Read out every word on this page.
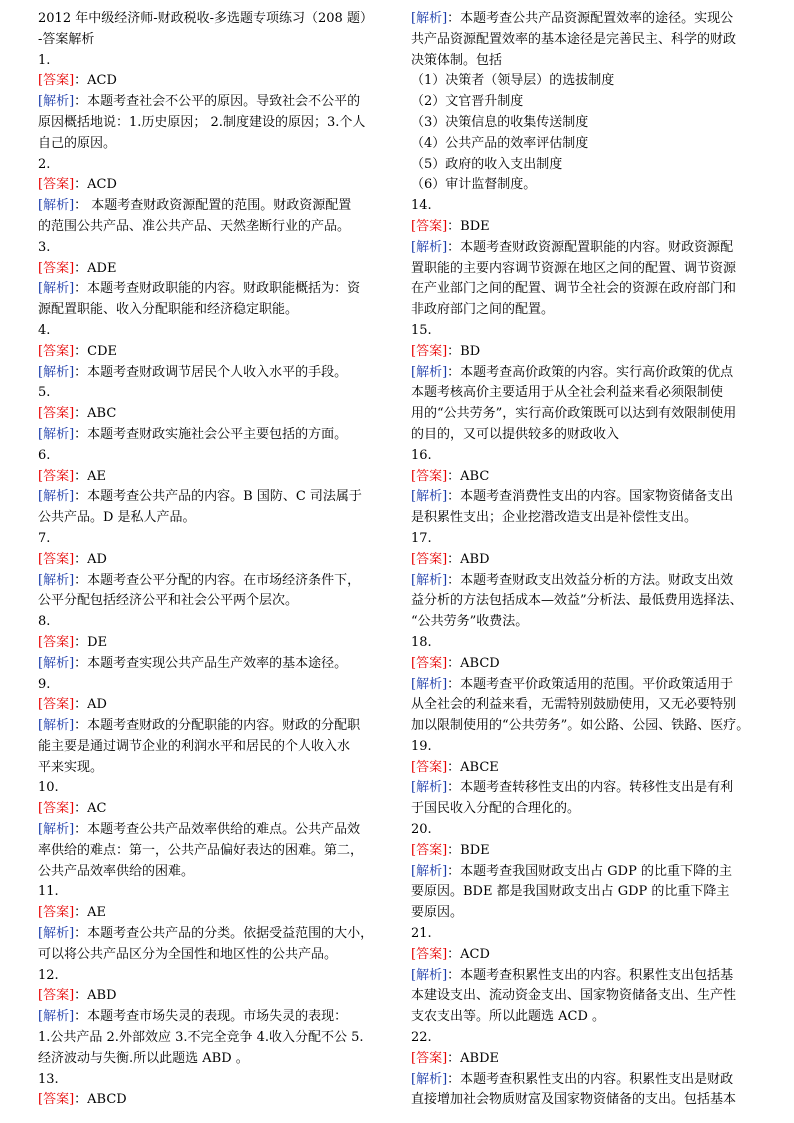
2012 年中级经济师-财政税收-多选题专项练习（208 题）
-答案解析
1.
[答案]：ACD
[解析]：本题考查社会不公平的原因。导致社会不公平的
原因概括地说：1.历史原因； 2.制度建设的原因；3.个人
自己的原因。
2.
[答案]：ACD
[解析]： 本题考查财政资源配置的范围。财政资源配置
的范围公共产品、准公共产品、天然垄断行业的产品。
3.
[答案]：ADE
[解析]：本题考查财政职能的内容。财政职能概括为：资
源配置职能、收入分配职能和经济稳定职能。
4.
[答案]：CDE
[解析]：本题考查财政调节居民个人收入水平的手段。
5.
[答案]：ABC
[解析]：本题考查财政实施社会公平主要包括的方面。
6.
[答案]：AE
[解析]：本题考查公共产品的内容。B 国防、C 司法属于
公共产品。D 是私人产品。
7.
[答案]：AD
[解析]：本题考查公平分配的内容。在市场经济条件下，
公平分配包括经济公平和社会公平两个层次。
8.
[答案]：DE
[解析]：本题考查实现公共产品生产效率的基本途径。
9.
[答案]：AD
[解析]：本题考查财政的分配职能的内容。财政的分配职
能主要是通过调节企业的利润水平和居民的个人收入水
平来实现。
10.
[答案]：AC
[解析]：本题考查公共产品效率供给的难点。公共产品效
率供给的难点：第一，公共产品偏好表达的困难。第二，
公共产品效率供给的困难。
11.
[答案]：AE
[解析]：本题考查公共产品的分类。依据受益范围的大小，
可以将公共产品区分为全国性和地区性的公共产品。
12.
[答案]：ABD
[解析]：本题考查市场失灵的表现。市场失灵的表现：
1.公共产品 2.外部效应 3.不完全竞争 4.收入分配不公 5.
经济波动与失衡.所以此题选 ABD 。
13.
[答案]：ABCD
[解析]：本题考查公共产品资源配置效率的途径。实现公
共产品资源配置效率的基本途径是完善民主、科学的财政
决策体制。包括
（1）决策者（领导层）的选拔制度
（2）文官晋升制度
（3）决策信息的收集传送制度
（4）公共产品的效率评估制度
（5）政府的收入支出制度
（6）审计监督制度。
14.
[答案]：BDE
[解析]：本题考查财政资源配置职能的内容。财政资源配
置职能的主要内容调节资源在地区之间的配置、调节资源
在产业部门之间的配置、调节全社会的资源在政府部门和
非政府部门之间的配置。
15.
[答案]：BD
[解析]：本题考查高价政策的内容。实行高价政策的优点
本题考核高价主要适用于从全社会利益来看必须限制使
用的“公共劳务”，实行高价政策既可以达到有效限制使用
的目的，又可以提供较多的财政收入
16.
[答案]：ABC
[解析]：本题考查消费性支出的内容。国家物资储备支出
是积累性支出；企业挖潜改造支出是补偿性支出。
17.
[答案]：ABD
[解析]：本题考查财政支出效益分析的方法。财政支出效
益分析的方法包括成本—效益”分析法、最低费用选择法、
“公共劳务”收费法。
18.
[答案]：ABCD
[解析]：本题考查平价政策适用的范围。平价政策适用于
从全社会的利益来看，无需特别鼓励使用，又无必要特别
加以限制使用的“公共劳务”。如公路、公园、铁路、医疗。
19.
[答案]：ABCE
[解析]：本题考查转移性支出的内容。转移性支出是有利
于国民收入分配的合理化的。
20.
[答案]：BDE
[解析]：本题考查我国财政支出占 GDP 的比重下降的主
要原因。BDE 都是我国财政支出占 GDP 的比重下降主
要原因。
21.
[答案]：ACD
[解析]：本题考查积累性支出的内容。积累性支出包括基
本建设支出、流动资金支出、国家物资储备支出、生产性
支农支出等。所以此题选 ACD 。
22.
[答案]：ABDE
[解析]：本题考查积累性支出的内容。积累性支出是财政
直接增加社会物质财富及国家物资储备的支出。包括基本
